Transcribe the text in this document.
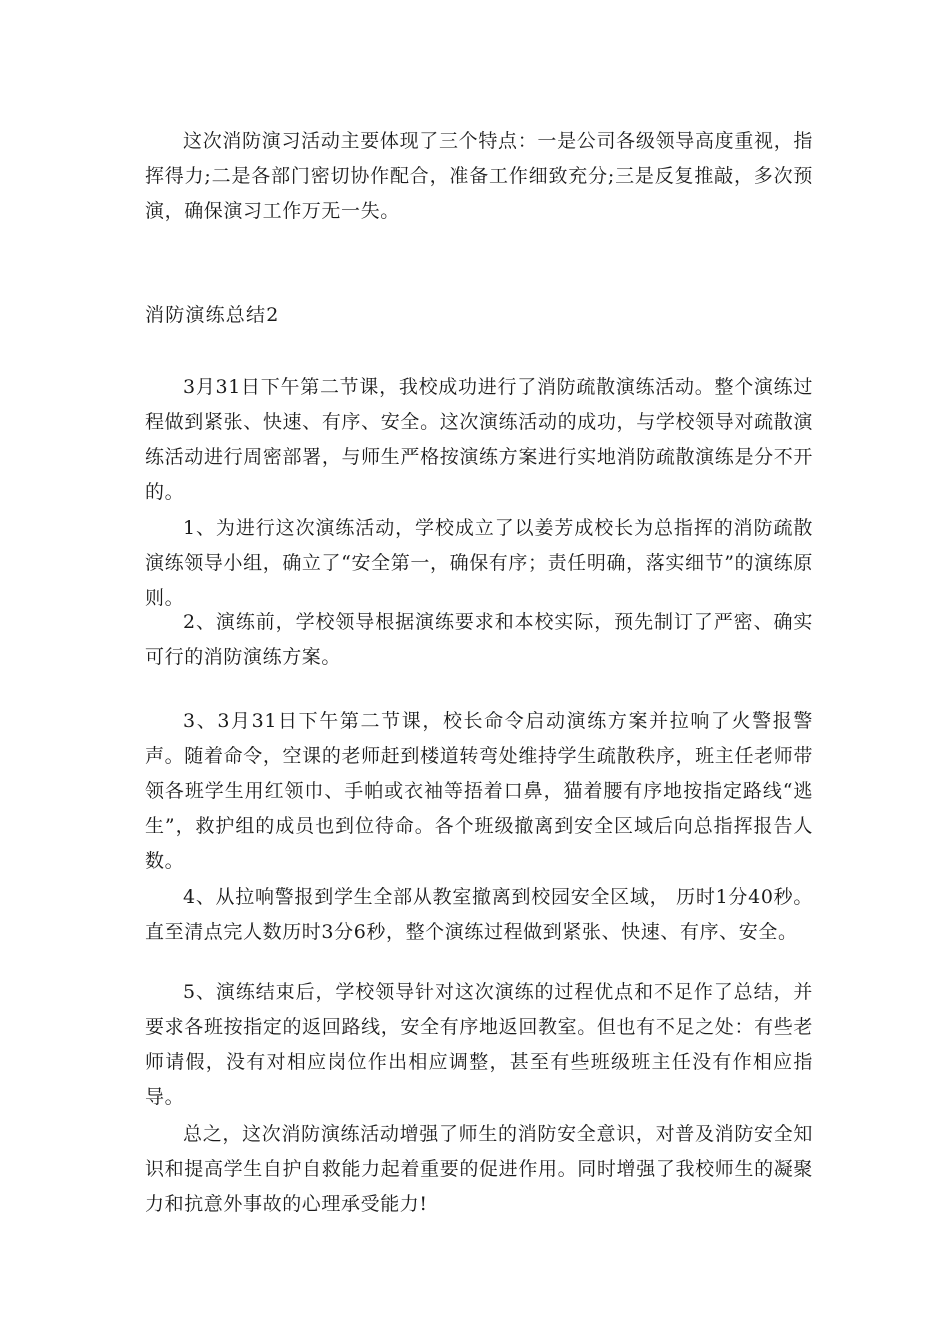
这次消防演习活动主要体现了三个特点：一是公司各级领导高度重视，指挥得力;二是各部门密切协作配合，准备工作细致充分;三是反复推敲，多次预演，确保演习工作万无一失。

消防演练总结2

3月31日下午第二节课，我校成功进行了消防疏散演练活动。整个演练过程做到紧张、快速、有序、安全。这次演练活动的成功，与学校领导对疏散演练活动进行周密部署，与师生严格按演练方案进行实地消防疏散演练是分不开的。

1、为进行这次演练活动，学校成立了以姜芳成校长为总指挥的消防疏散演练领导小组，确立了“安全第一，确保有序；责任明确，落实细节”的演练原则。

2、演练前，学校领导根据演练要求和本校实际，预先制订了严密、确实可行的消防演练方案。

3、3月31日下午第二节课，校长命令启动演练方案并拉响了火警报警声。随着命令，空课的老师赶到楼道转弯处维持学生疏散秩序，班主任老师带领各班学生用红领巾、手帕或衣袖等捂着口鼻，猫着腰有序地按指定路线“逃生”，救护组的成员也到位待命。各个班级撤离到安全区域后向总指挥报告人数。

4、从拉响警报到学生全部从教室撤离到校园安全区域， 历时1分40秒。直至清点完人数历时3分6秒，整个演练过程做到紧张、快速、有序、安全。

5、演练结束后，学校领导针对这次演练的过程优点和不足作了总结，并要求各班按指定的返回路线，安全有序地返回教室。但也有不足之处：有些老师请假，没有对相应岗位作出相应调整，甚至有些班级班主任没有作相应指导。

总之，这次消防演练活动增强了师生的消防安全意识，对普及消防安全知识和提高学生自护自救能力起着重要的促进作用。同时增强了我校师生的凝聚力和抗意外事故的心理承受能力!
